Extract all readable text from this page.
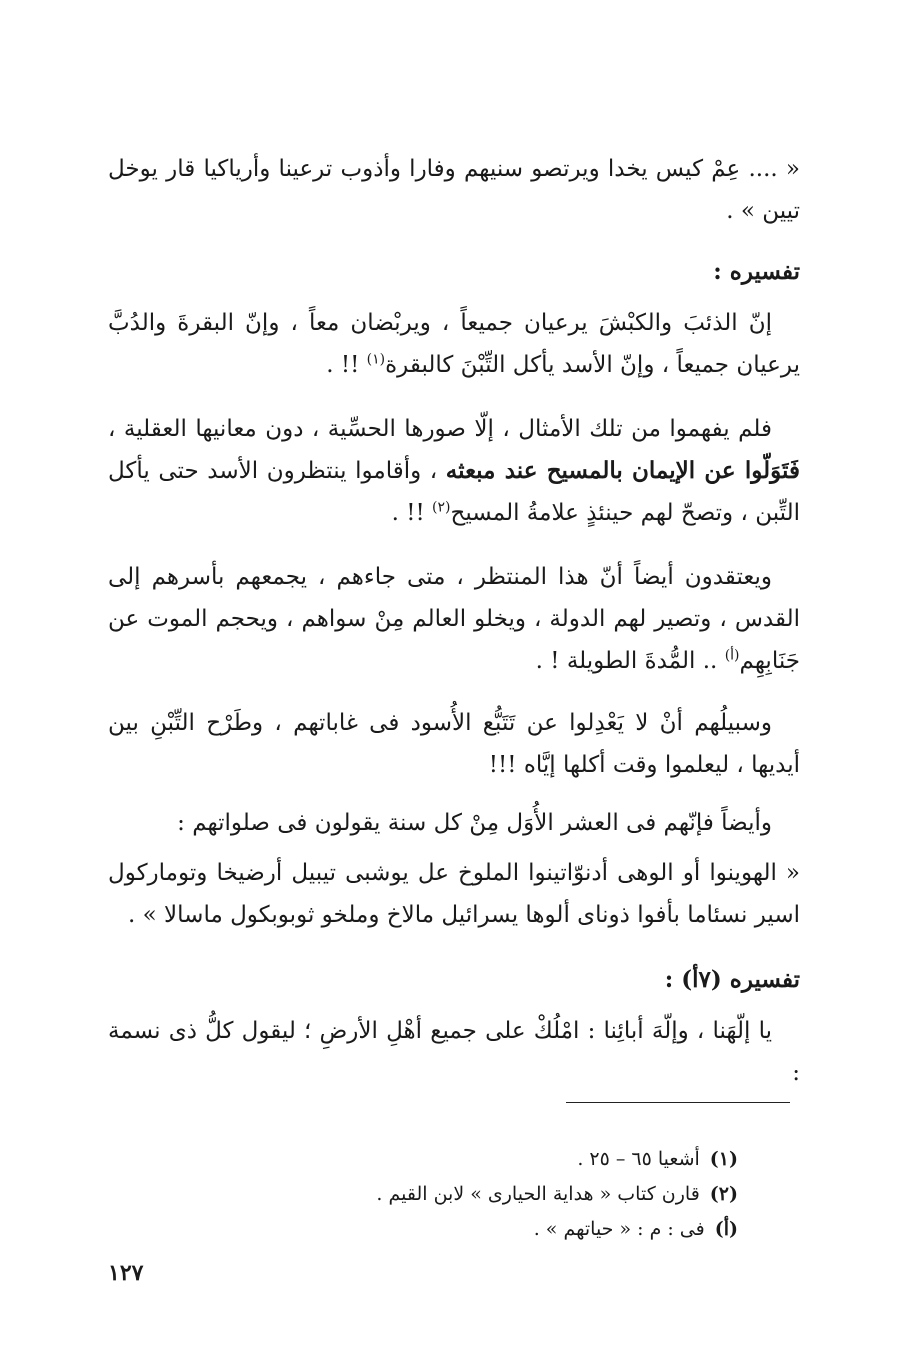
« .... عِمْ كيس يخدا ويرتصو سنيهم وفارا وأذوب ترعينا وأرياكيا قار يوخل تيين » .

تفسيره :

إنّ الذئبَ والكبْشَ يرعيان جميعاً ، ويربْضان معاً ، وإنّ البقرةَ والدُبَّ يرعيان جميعاً ، وإنّ الأسد يأكل التِّبْنَ كالبقرة$^{(١)}$ !! .

فلم يفهموا من تلك الأمثال ، إلّا صورها الحسِّية ، دون معانيها العقلية ، فَتَوَلّوا عن الإيمان بالمسيح عند مبعثه ، وأقاموا ينتظرون الأسد حتى يأكل التِّبن ، وتصحّ لهم حينئذٍ علامةُ المسيح$^{(٢)}$ !! .

ويعتقدون أيضاً أنّ هذا المنتظر ، متى جاءهم ، يجمعهم بأسرهم إلى القدس ، وتصير لهم الدولة ، ويخلو العالم مِنْ سواهم ، ويحجم الموت عن جَنَابِهِم$^{(أ)}$ .. المُّدةَ الطويلة ! .

وسبيلُهم أنْ لا يَعْدِلوا عن تَتَبُّع الأُسود فى غاباتهم ، وطَرْح التِّبْنِ بين أيديها ، ليعلموا وقت أكلها إيَّاه !!!

وأيضاً فإنّهم فى العشر الأُوَل مِنْ كل سنة يقولون فى صلواتهم :

« الهوينوا أو الوهى أدنوّاتينوا الملوخ عل يوشبى تيبيل أرضيخا وتوماركول اسير نسئاما بأفوا ذوناى ألوها يسرائيل مالاخ وملخو ثوبوبكول ماسالا » .

تفسيره (٧أ) :

يا إلّهَنا ، وإلّهَ أبائِنا : امْلُكْ على جميع أهْلِ الأرضِ ؛ ليقول كلُّ ذى نسمة :

(١)أشعيا ٦٥ – ٢٥ .
(٢)قارن كتاب « هداية الحيارى » لابن القيم .
(أ)فى : م : « حياتهم » .
١٢٧
